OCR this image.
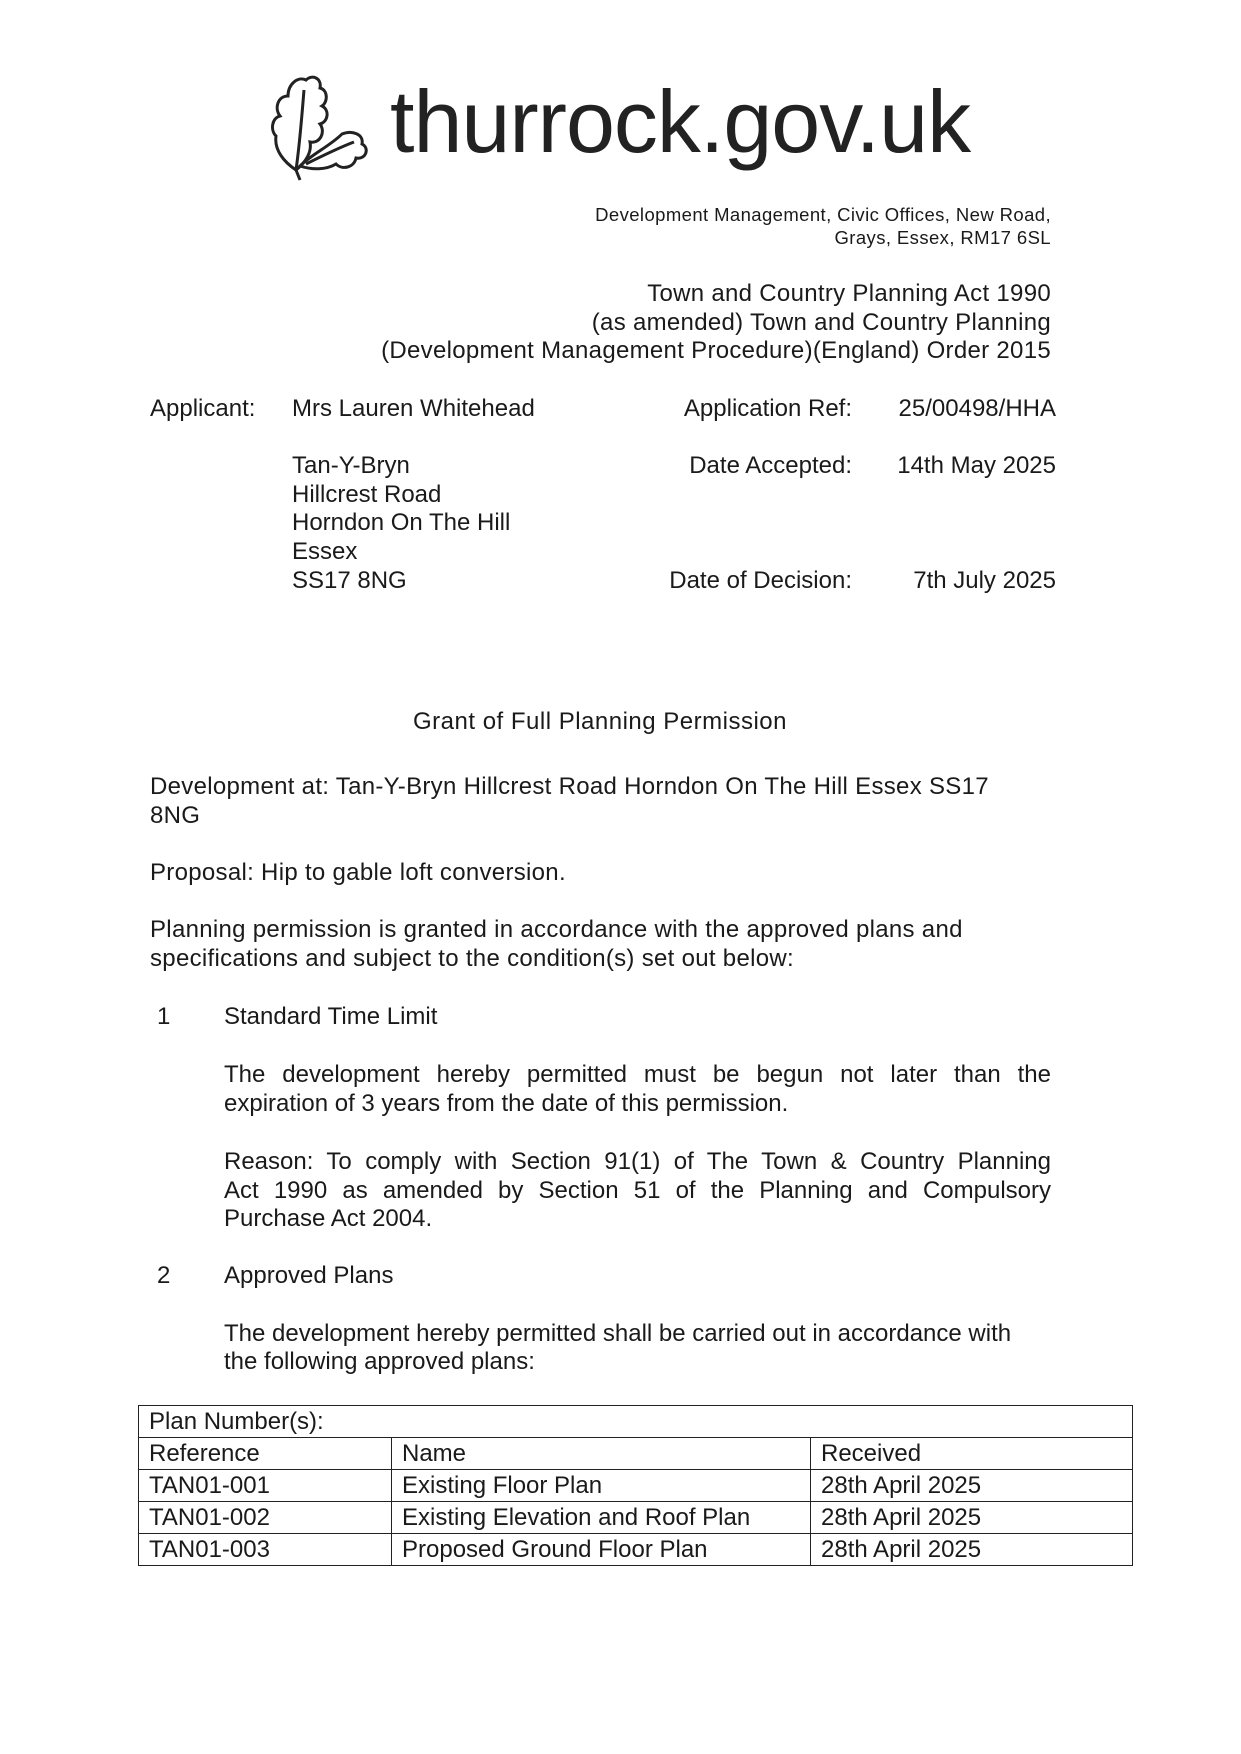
thurrock.gov.uk
Development Management, Civic Offices, New Road,
Grays, Essex, RM17 6SL
Town and Country Planning Act 1990
(as amended) Town and Country Planning
(Development Management Procedure)(England) Order 2015
Applicant: Mrs Lauren Whitehead
Tan-Y-Bryn
Hillcrest Road
Horndon On The Hill
Essex
SS17 8NG
Application Ref: 25/00498/HHA
Date Accepted: 14th May 2025
Date of Decision:	7th July 2025
Grant of Full Planning Permission
Development at: Tan-Y-Bryn Hillcrest Road Horndon On The Hill Essex SS17
8NG
Proposal: Hip to gable loft conversion.
Planning permission is granted in accordance with the approved plans and
specifications and subject to the condition(s) set out below:
1 Standard Time Limit
The development hereby permitted must be begun not later than the
expiration of 3 years from the date of this permission.
Reason: To comply with Section 91(1) of The Town & Country Planning
Act 1990 as amended by Section 51 of the Planning and Compulsory
Purchase Act 2004.
2 Approved Plans
The development hereby permitted shall be carried out in accordance with
the following approved plans:
Plan Number(s):		
Reference	Name	Received
TAN01-001	Existing Floor Plan	28th April 2025
TAN01-002	Existing Elevation and Roof Plan	28th April 2025
TAN01-003	Proposed Ground Floor Plan	28th April 2025
